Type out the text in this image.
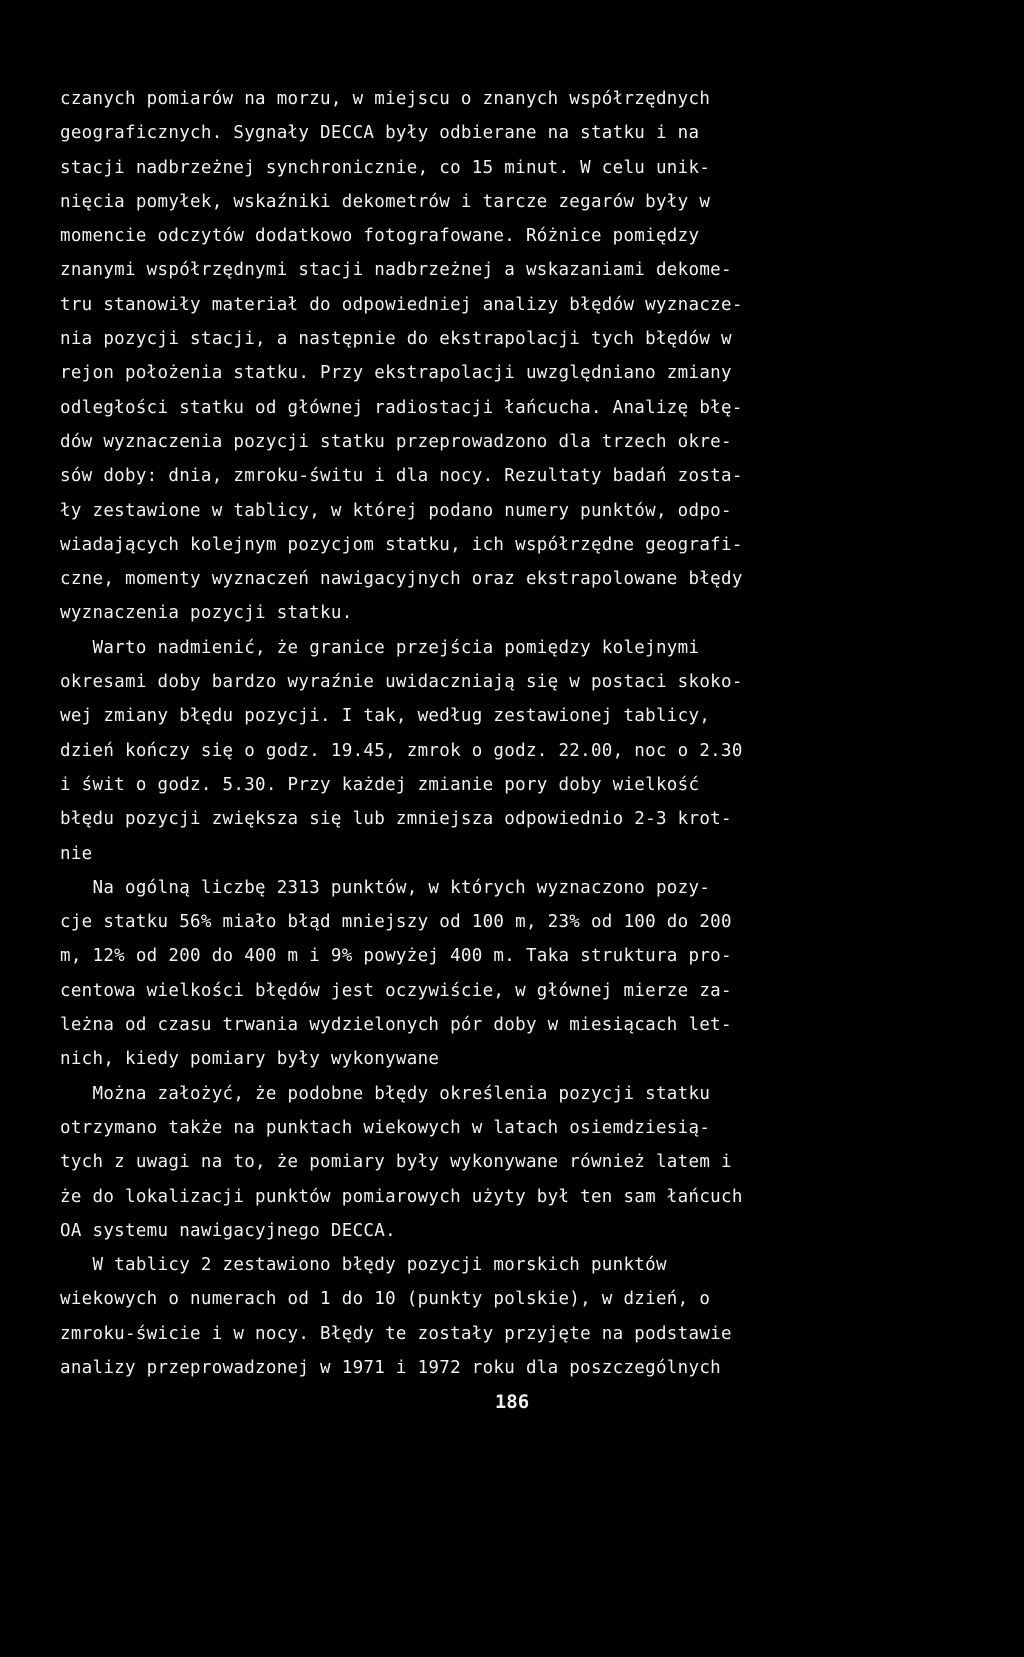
czanych pomiarów na morzu, w miejscu o znanych współrzędnych
geograficznych. Sygnały DECCA były odbierane na statku i na
stacji nadbrzeżnej synchronicznie, co 15 minut. W celu unik-
nięcia pomyłek, wskaźniki dekometrów i tarcze zegarów były w
momencie odczytów dodatkowo fotografowane. Różnice pomiędzy
znanymi współrzędnymi stacji nadbrzeżnej a wskazaniami dekome-
tru stanowiły materiał do odpowiedniej analizy błędów wyznacze-
nia pozycji stacji, a następnie do ekstrapolacji tych błędów w
rejon położenia statku. Przy ekstrapolacji uwzględniano zmiany
odległości statku od głównej radiostacji łańcucha. Analizę błę-
dów wyznaczenia pozycji statku przeprowadzono dla trzech okre-
sów doby: dnia, zmroku-świtu i dla nocy. Rezultaty badań zosta-
ły zestawione w tablicy, w której podano numery punktów, odpo-
wiadających kolejnym pozycjom statku, ich współrzędne geografi-
czne, momenty wyznaczeń nawigacyjnych oraz ekstrapolowane błędy
wyznaczenia pozycji statku.
Warto nadmienić, że granice przejścia pomiędzy kolejnymi
okresami doby bardzo wyraźnie uwidaczniają się w postaci skoko-
wej zmiany błędu pozycji. I tak, według zestawionej tablicy,
dzień kończy się o godz. 19.45, zmrok o godz. 22.00, noc o 2.30
i świt o godz. 5.30. Przy każdej zmianie pory doby wielkość
błędu pozycji zwiększa się lub zmniejsza odpowiednio 2-3 krot-
nie
Na ogólną liczbę 2313 punktów, w których wyznaczono pozy-
cje statku 56% miało błąd mniejszy od 100 m, 23% od 100 do 200
m, 12% od 200 do 400 m i 9% powyżej 400 m. Taka struktura pro-
centowa wielkości błędów jest oczywiście, w głównej mierze za-
leżna od czasu trwania wydzielonych pór doby w miesiącach let-
nich, kiedy pomiary były wykonywane
Można założyć, że podobne błędy określenia pozycji statku
otrzymano także na punktach wiekowych w latach osiemdziesią-
tych z uwagi na to, że pomiary były wykonywane również latem i
że do lokalizacji punktów pomiarowych użyty był ten sam łańcuch
OA systemu nawigacyjnego DECCA.
W tablicy 2 zestawiono błędy pozycji morskich punktów
wiekowych o numerach od 1 do 10 (punkty polskie), w dzień, o
zmroku-świcie i w nocy. Błędy te zostały przyjęte na podstawie
analizy przeprowadzonej w 1971 i 1972 roku dla poszczególnych
186
